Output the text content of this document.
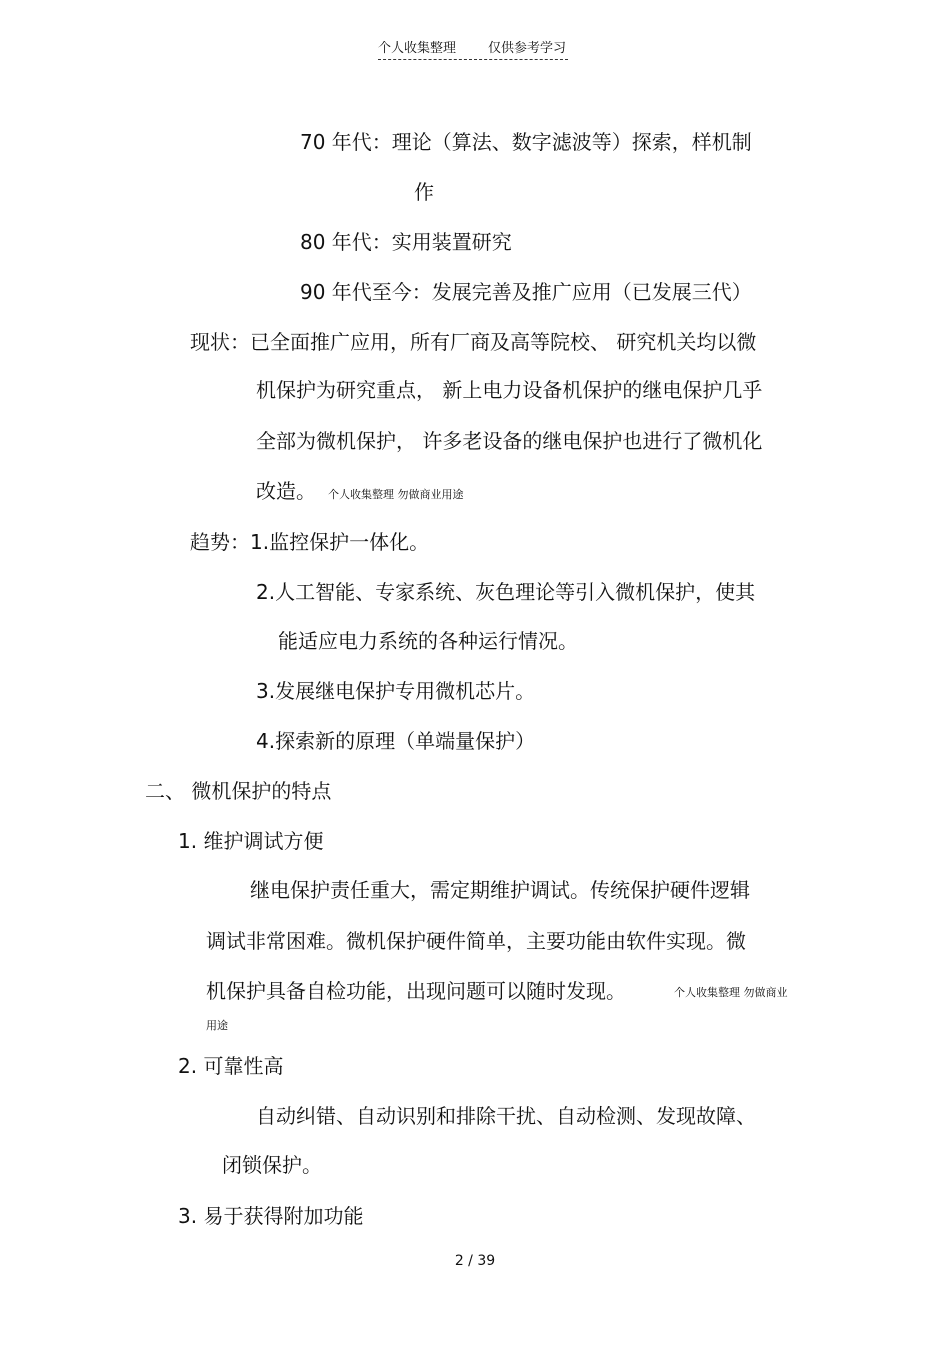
个人收集整理 仅供参考学习
70 年代：理论（算法、数字滤波等）探索，样机制
作
80 年代：实用装置研究
90 年代至今：发展完善及推广应用（已发展三代）
现状：已全面推广应用，所有厂商及高等院校、 研究机关均以微
机保护为研究重点， 新上电力设备机保护的继电保护几乎
全部为微机保护， 许多老设备的继电保护也进行了微机化
改造。 个人收集整理 勿做商业用途
趋势：1.监控保护一体化。
2.人工智能、专家系统、灰色理论等引入微机保护，使其
能适应电力系统的各种运行情况。
3.发展继电保护专用微机芯片。
4.探索新的原理（单端量保护）
二、 微机保护的特点
1. 维护调试方便
继电保护责任重大，需定期维护调试。传统保护硬件逻辑
调试非常困难。微机保护硬件简单，主要功能由软件实现。微
机保护具备自检功能，出现问题可以随时发现。	个人收集整理 勿做商业
用途
2. 可靠性高
自动纠错、自动识别和排除干扰、自动检测、发现故障、
闭锁保护。
3. 易于获得附加功能
2 / 39
